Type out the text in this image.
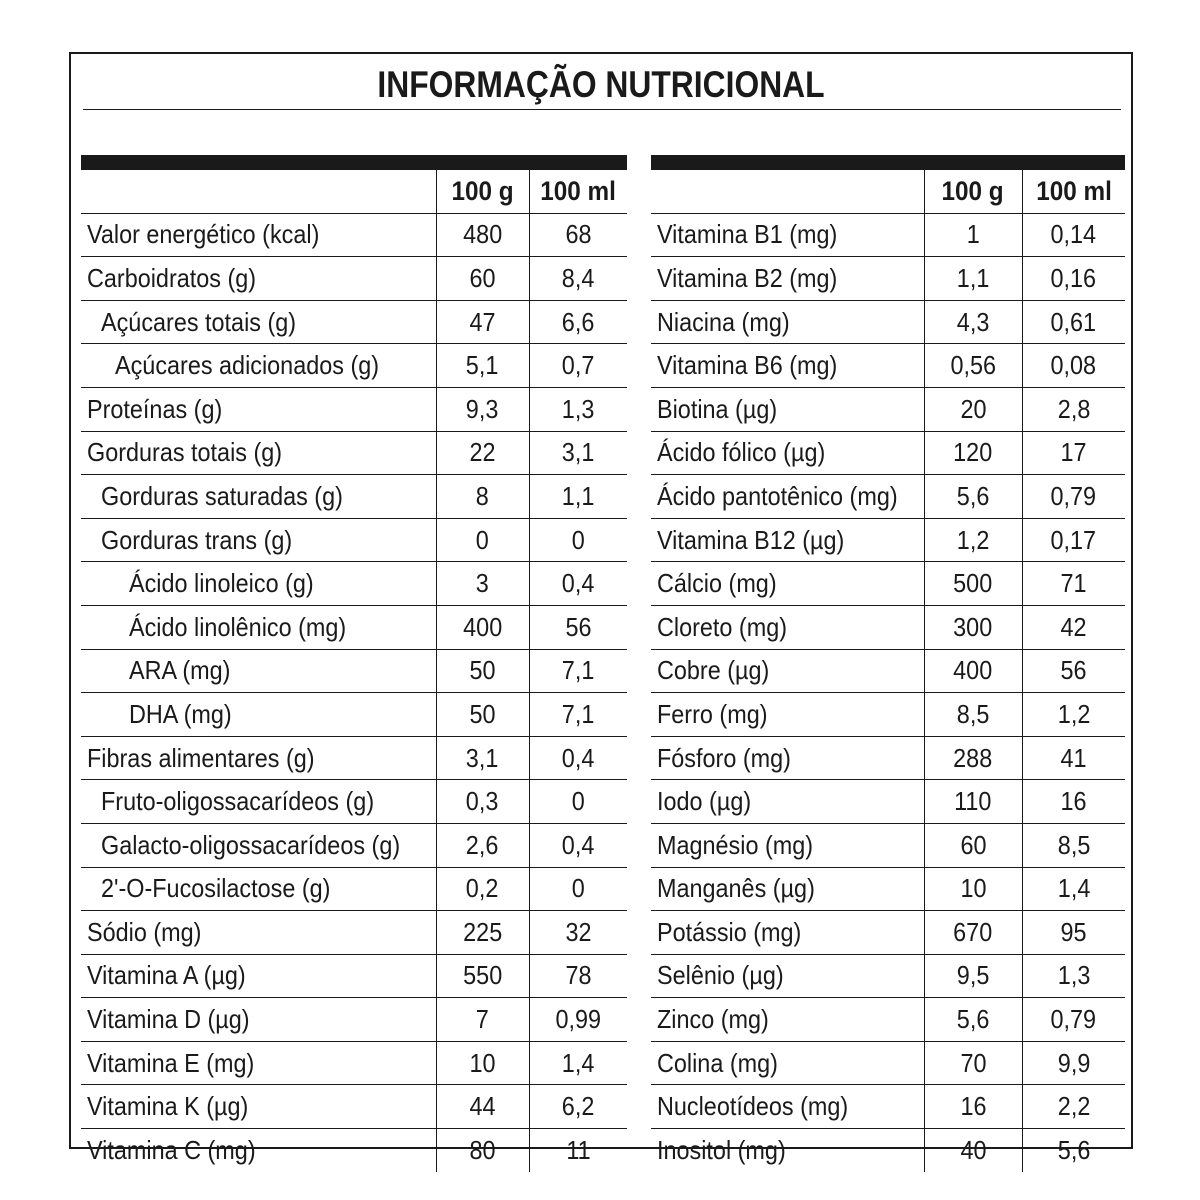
INFORMAÇÃO NUTRICIONAL
	100 g	100 ml
Valor energético (kcal)	480	68
Carboidratos (g)	60	8,4
Açúcares totais (g)	47	6,6
Açúcares adicionados (g)	5,1	0,7
Proteínas (g)	9,3	1,3
Gorduras totais (g)	22	3,1
Gorduras saturadas (g)	8	1,1
Gorduras trans (g)	0	0
Ácido linoleico (g)	3	0,4
Ácido linolênico (mg)	400	56
ARA (mg)	50	7,1
DHA (mg)	50	7,1
Fibras alimentares (g)	3,1	0,4
Fruto-oligossacarídeos (g)	0,3	0
Galacto-oligossacarídeos (g)	2,6	0,4
2'-O-Fucosilactose (g)	0,2	0
Sódio (mg)	225	32
Vitamina A (µg)	550	78
Vitamina D (µg)	7	0,99
Vitamina E (mg)	10	1,4
Vitamina K (µg)	44	6,2
Vitamina C (mg)	80	11
	100 g	100 ml
Vitamina B1 (mg)	1	0,14
Vitamina B2 (mg)	1,1	0,16
Niacina (mg)	4,3	0,61
Vitamina B6 (mg)	0,56	0,08
Biotina (µg)	20	2,8
Ácido fólico (µg)	120	17
Ácido pantotênico (mg)	5,6	0,79
Vitamina B12 (µg)	1,2	0,17
Cálcio (mg)	500	71
Cloreto (mg)	300	42
Cobre (µg)	400	56
Ferro (mg)	8,5	1,2
Fósforo (mg)	288	41
Iodo (µg)	110	16
Magnésio (mg)	60	8,5
Manganês (µg)	10	1,4
Potássio (mg)	670	95
Selênio (µg)	9,5	1,3
Zinco (mg)	5,6	0,79
Colina (mg)	70	9,9
Nucleotídeos (mg)	16	2,2
Inositol (mg)	40	5,6
